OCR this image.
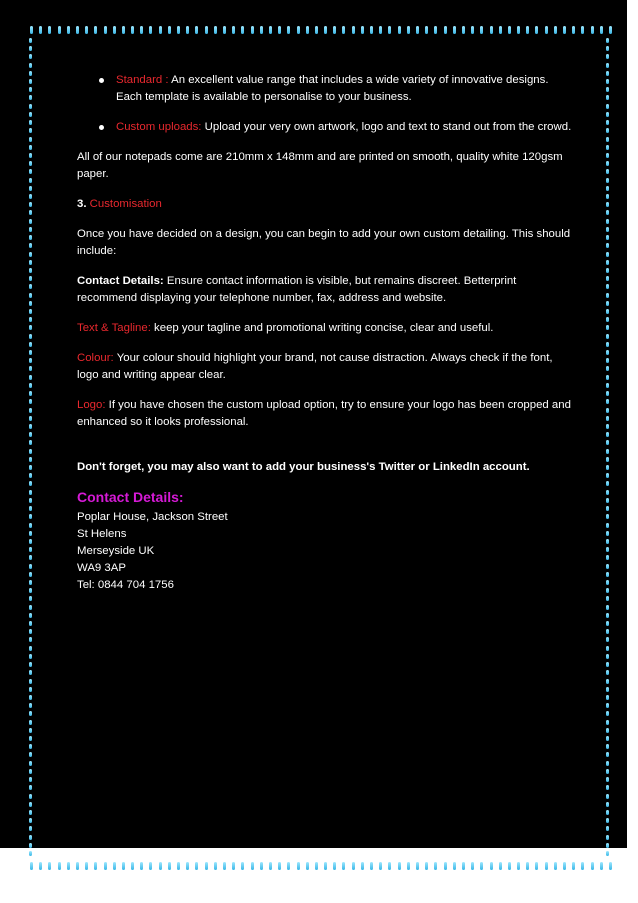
Standard : An excellent value range that includes a wide variety of innovative designs. Each template is available to personalise to your business.
Custom uploads: Upload your very own artwork, logo and text to stand out from the crowd.

All of our notepads come are 210mm x 148mm and are printed on smooth, quality white 120gsm paper.

3. Customisation

Once you have decided on a design, you can begin to add your own custom detailing. This should include:

Contact Details: Ensure contact information is visible, but remains discreet. Betterprint recommend displaying your telephone number, fax, address and website.

Text & Tagline: keep your tagline and promotional writing concise, clear and useful.

Colour: Your colour should highlight your brand, not cause distraction. Always check if the font, logo and writing appear clear.

Logo: If you have chosen the custom upload option, try to ensure your logo has been cropped and enhanced so it looks professional.

Don't forget, you may also want to add your business's Twitter or LinkedIn account.

Contact Details:
Poplar House, Jackson Street
St Helens
Merseyside UK
WA9 3AP
Tel: 0844 704 1756
